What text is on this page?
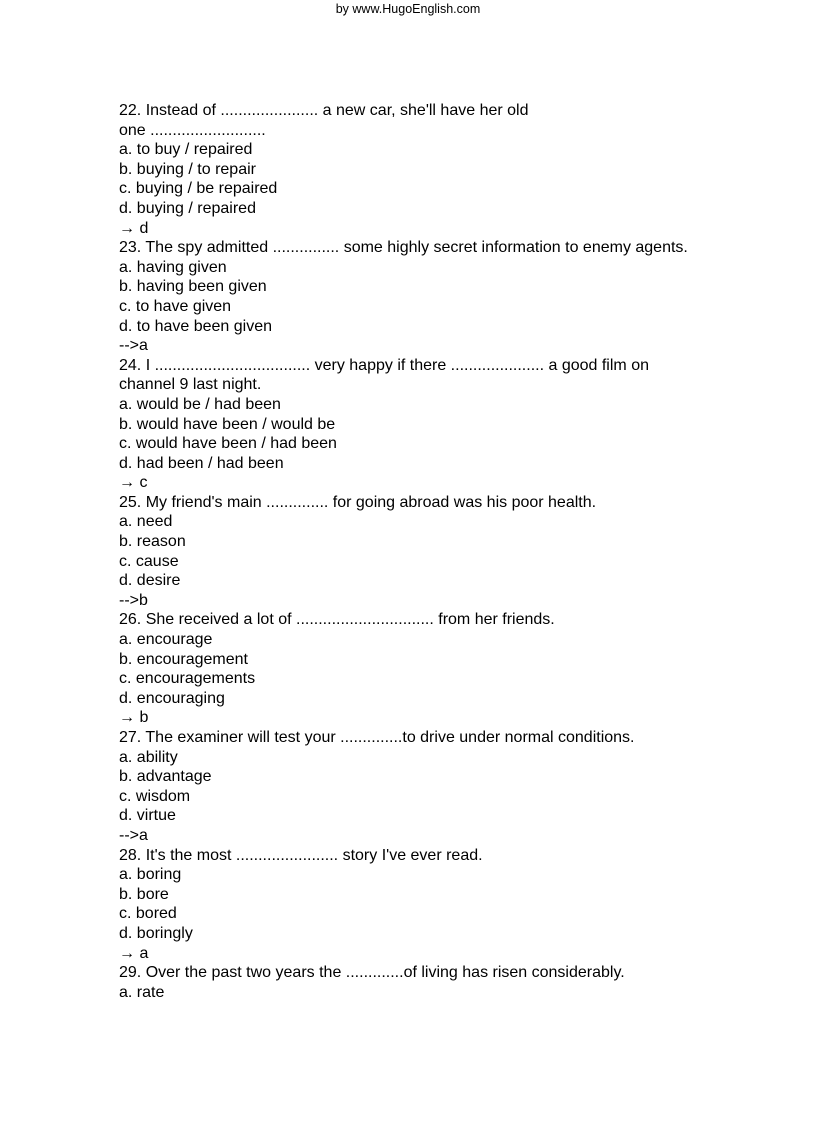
by www.HugoEnglish.com
22. Instead of ...................... a new car, she'll have her old
one ..........................
a. to buy / repaired
b. buying / to repair
c. buying / be repaired
d. buying / repaired
→ d
23. The spy admitted ............... some highly secret information to enemy agents.
a. having given
b. having been given
c. to have given
d. to have been given
-->a
24. I ................................... very happy if there ..................... a good film on
channel 9 last night.
a. would be / had been
b. would have been / would be
c. would have been / had been
d. had been / had been
→ c
25. My friend's main .............. for going abroad was his poor health.
a. need
b. reason
c. cause
d. desire
-->b
26. She received a lot of ............................... from her friends.
a. encourage
b. encouragement
c. encouragements
d. encouraging
→ b
27. The examiner will test your ..............to drive under normal conditions.
a. ability
b. advantage
c. wisdom
d. virtue
-->a
28. It's the most ....................... story I've ever read.
a. boring
b. bore
c. bored
d. boringly
→ a
29. Over the past two years the .............of living has risen considerably.
a. rate
